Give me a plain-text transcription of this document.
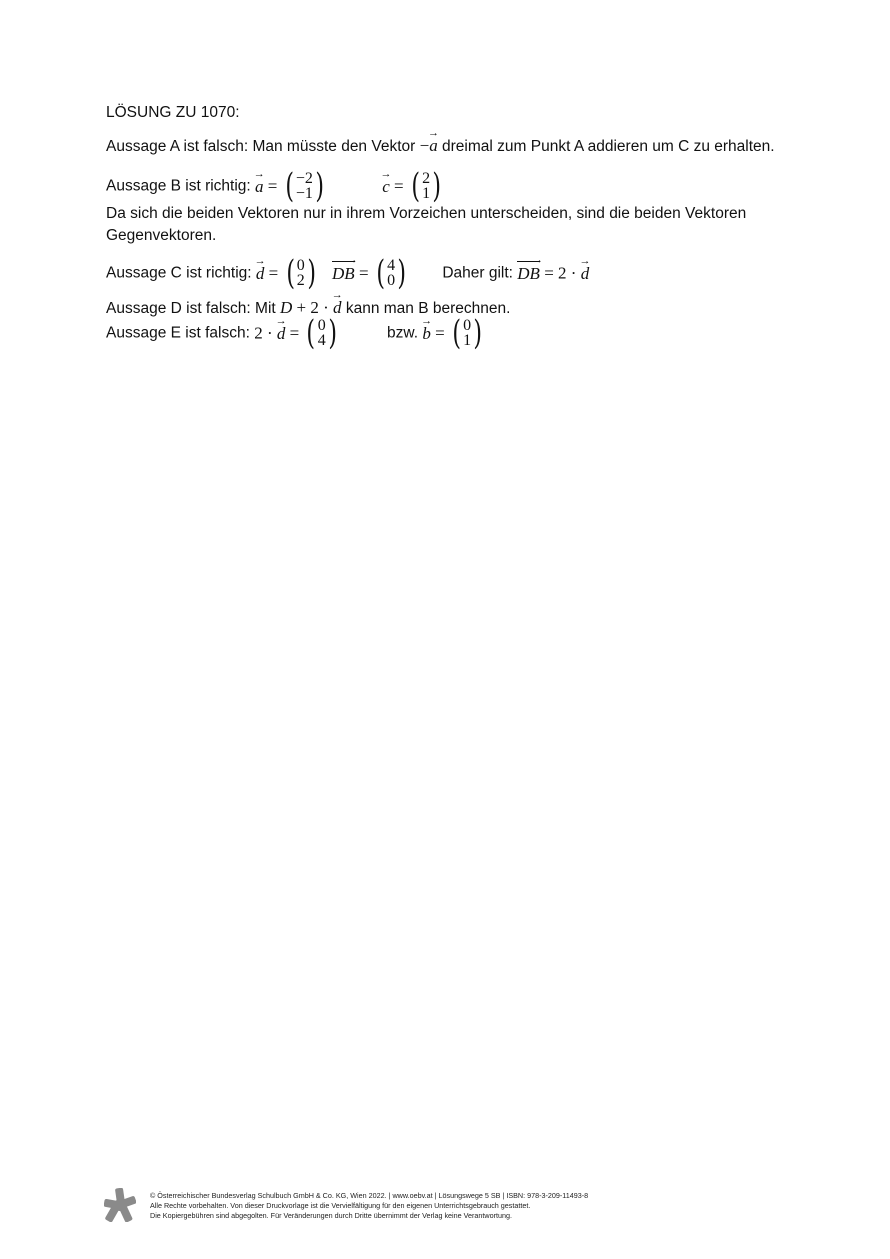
LÖSUNG ZU 1070:
Aussage A ist falsch: Man müsste den Vektor −→ a dreimal zum Punkt A addieren um C zu erhalten.
Aussage B ist richtig: → a = ( −2
−1 )	→ c = ( 2
1 )
Da sich die beiden Vektoren nur in ihrem Vorzeichen unterscheiden, sind die beiden Vektoren
Gegenvektoren.
Aussage C ist richtig: → d = ( 0
2 ) → DB = ( 4
0 ) Daher gilt: → DB = 2 · → d
Aussage D ist falsch: Mit D + 2 · → d kann man B berechnen.
Aussage E ist falsch: 2 · → d = ( 0
4 )	bzw. → b = ( 0
1 )
© Österreichischer Bundesverlag Schulbuch GmbH & Co. KG, Wien 2022. | www.oebv.at | Lösungswege 5 SB | ISBN: 978-3-209-11493-8
Alle Rechte vorbehalten. Von dieser Druckvorlage ist die Vervielfältigung für den eigenen Unterrichtsgebrauch gestattet.
Die Kopiergebühren sind abgegolten. Für Veränderungen durch Dritte übernimmt der Verlag keine Verantwortung.
